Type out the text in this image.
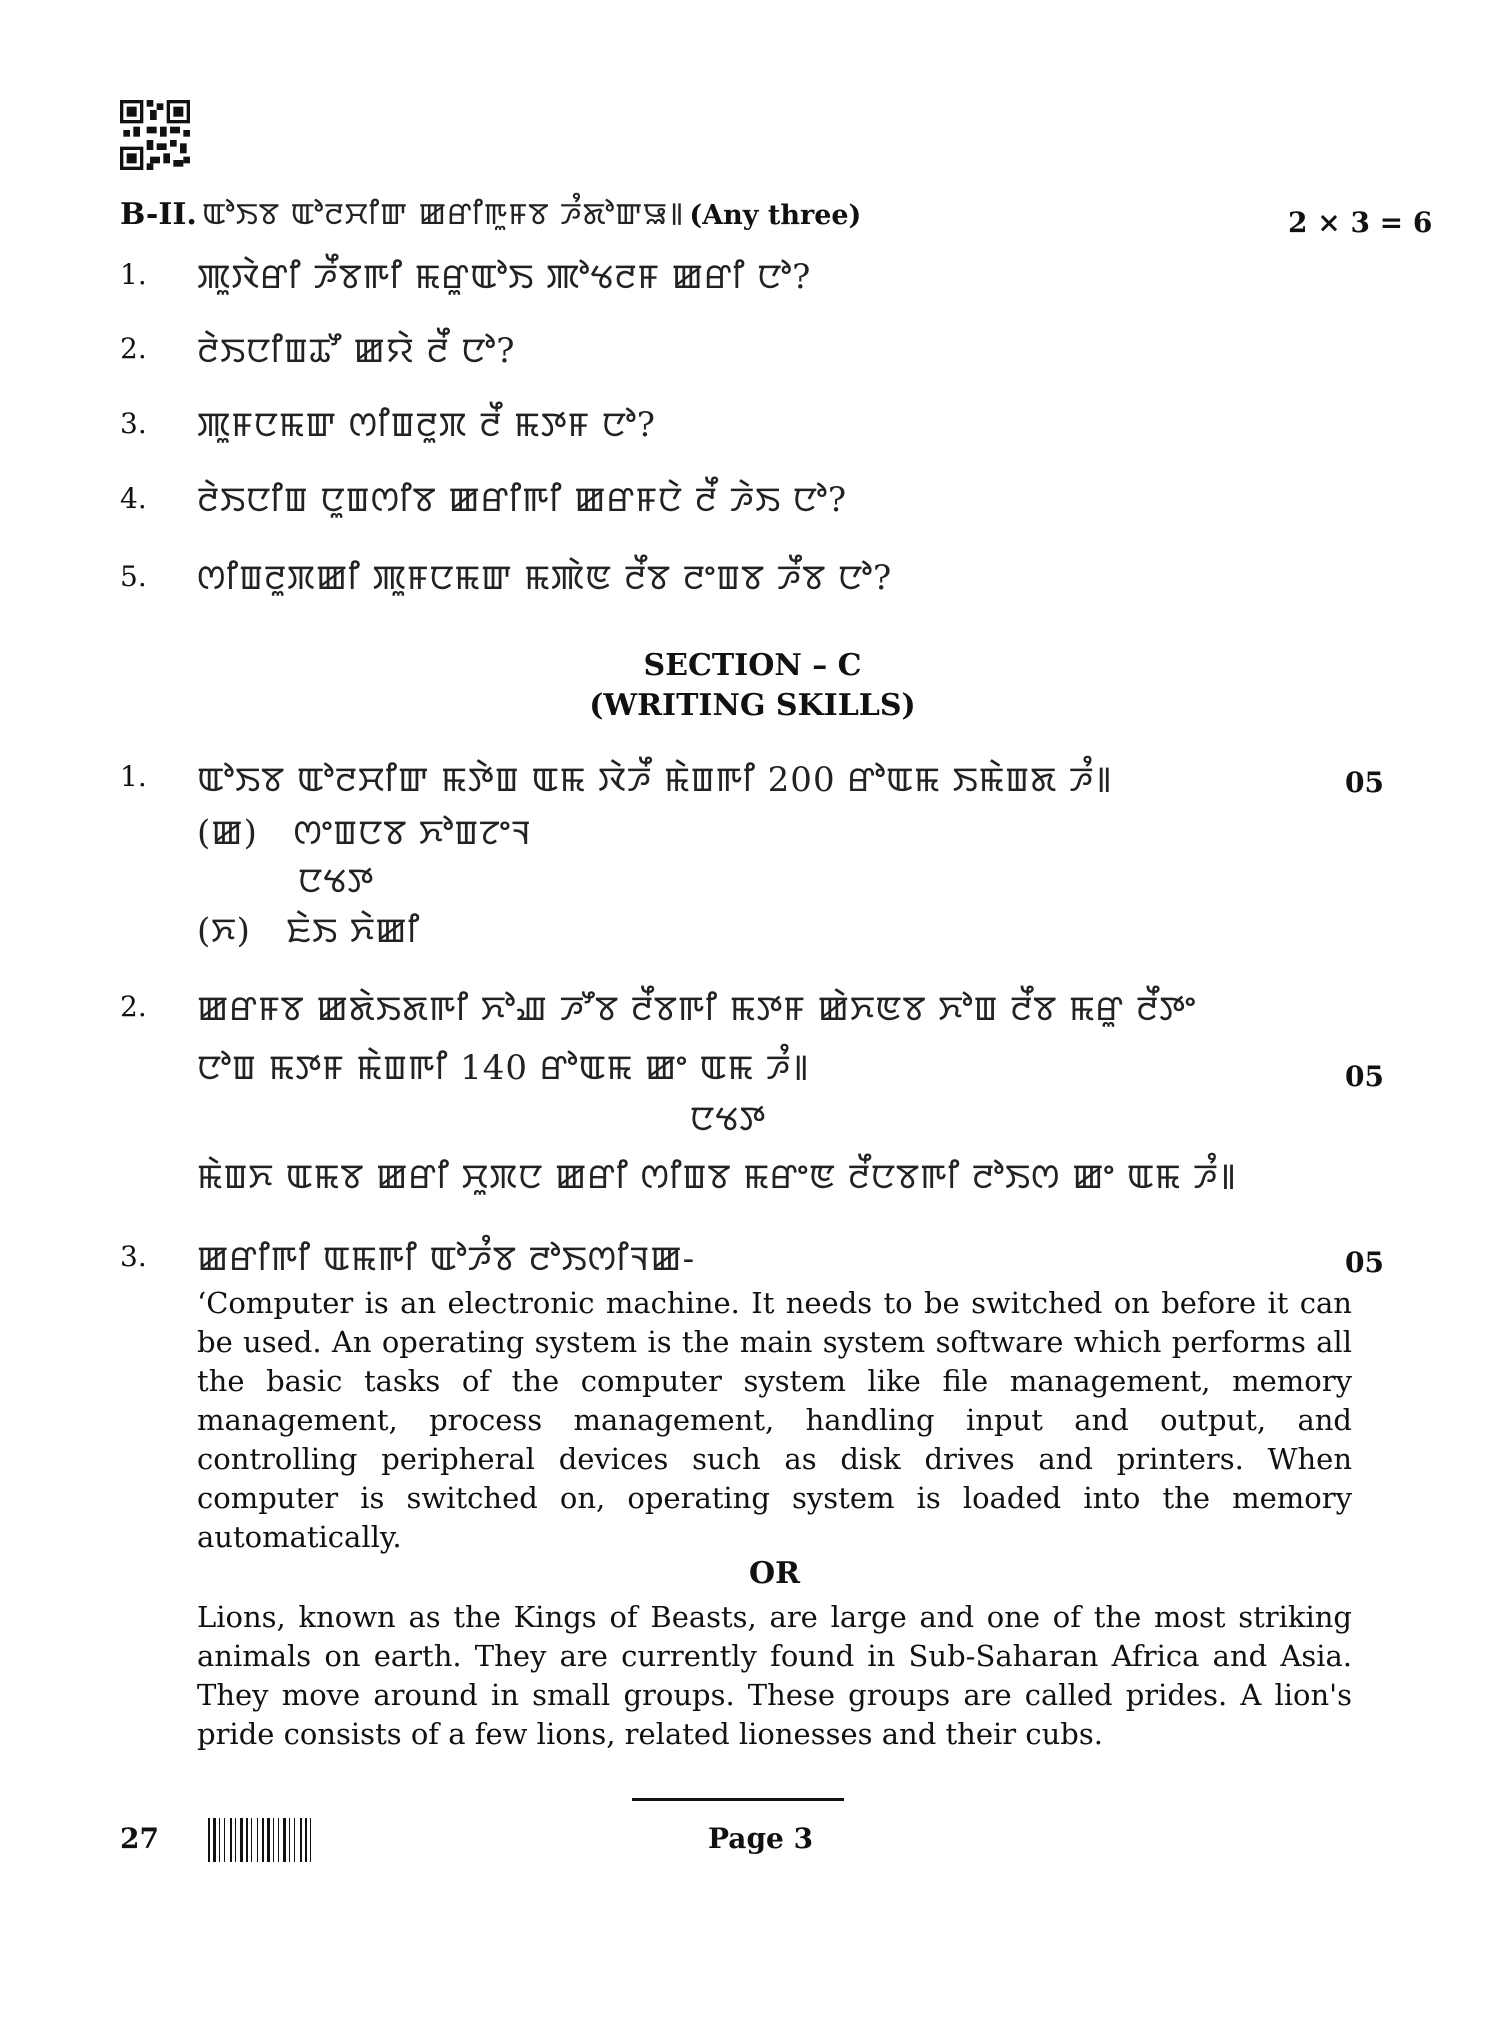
B-II. ꯑꯣꯏꯕ ꯑꯣꯂꯆꯤꯛ ꯀꯔꯤꯒꯨꯝꯕ ꯍꯪꯗꯣꯛꯎ꯫ (Any three)	2 × 3 = 6
1. ꯄꯨꯋꯥꯔꯤ ꯍꯩꯕꯒꯤ ꯃꯔꯨꯑꯣꯏ ꯄꯣꯠꯂꯝ ꯀꯔꯤ ꯅꯣ?
2. ꯂꯥꯏꯅꯤꯡꯊꯧ ꯀꯌꯥ ꯂꯩ ꯅꯣ?
3. ꯄꯨꯝꯅꯃꯛ ꯁꯤꯡꯂꯨꯞ ꯂꯩ ꯃꯇꯝ ꯅꯣ?
4. ꯂꯥꯏꯅꯤꯡ ꯅꯨꯡꯁꯤꯕ ꯀꯔꯤꯒꯤ ꯀꯔꯝꯅꯥ ꯂꯩ ꯍꯥꯏ ꯅꯣ?
5. ꯁꯤꯡꯂꯨꯞꯀꯤ ꯄꯨꯝꯅꯃꯛ ꯃꯄꯥꯟ ꯂꯩꯕ ꯂꯦꯡꯕ ꯍꯩꯕ ꯅꯣ?
SECTION – C
(WRITING SKILLS)
1. ꯑꯣꯏꯕ ꯑꯣꯂꯆꯤꯛ ꯃꯇꯥꯡ ꯑꯃ ꯋꯥꯍꯩ ꯃꯥꯡꯒꯤ 200 ꯔꯣꯑꯃ ꯏꯃꯥꯡꯗ ꯍꯪ꯫	05
(ꯀ) ꯁꯦꯡꯅꯕ ꯈꯣꯡꯖꯦꯜ
ꯅꯠꯇ
(ꯈ) ꯐꯥꯏ ꯈꯥꯀꯤ
2. ꯀꯔꯝꯕ ꯀꯗꯥꯏꯗꯒꯤ ꯈꯣꯉ ꯍꯧꯕ ꯂꯩꯕꯒꯤ ꯃꯇꯝ ꯀꯥꯈꯟꯕ ꯈꯣꯡ ꯂꯩꯕ ꯃꯔꯨ ꯂꯩꯇꯦ
ꯅꯣꯡ ꯃꯇꯝ ꯃꯥꯡꯒꯤ 140 ꯔꯣꯑꯃ ꯀꯦ ꯑꯃ ꯍꯪ꯫	05
ꯅꯠꯇ
ꯃꯥꯡꯈ ꯑꯃꯕ ꯀꯔꯤ ꯆꯨꯞꯅ ꯀꯔꯤ ꯁꯤꯡꯕ ꯃꯔꯦꯟ ꯂꯩꯅꯕꯒꯤ ꯂꯣꯏꯁ ꯀꯦ ꯑꯃ ꯍꯪ꯫
3. ꯀꯔꯤꯒꯤ ꯑꯃꯒꯤ ꯑꯣꯍꯪꯕ ꯂꯣꯏꯁꯤꯜꯀ-	05
‘Computer is an electronic machine. It needs to be switched on before it can be used. An operating system is the main system software which performs all the basic tasks of the computer system like file management, memory management, process management, handling input and output, and controlling peripheral devices such as disk drives and printers. When computer is switched on, operating system is loaded into the memory automatically.
OR
Lions, known as the Kings of Beasts, are large and one of the most striking animals on earth. They are currently found in Sub-Saharan Africa and Asia. They move around in small groups. These groups are called prides. A lion's pride consists of a few lions, related lionesses and their cubs.
27	Page 3
